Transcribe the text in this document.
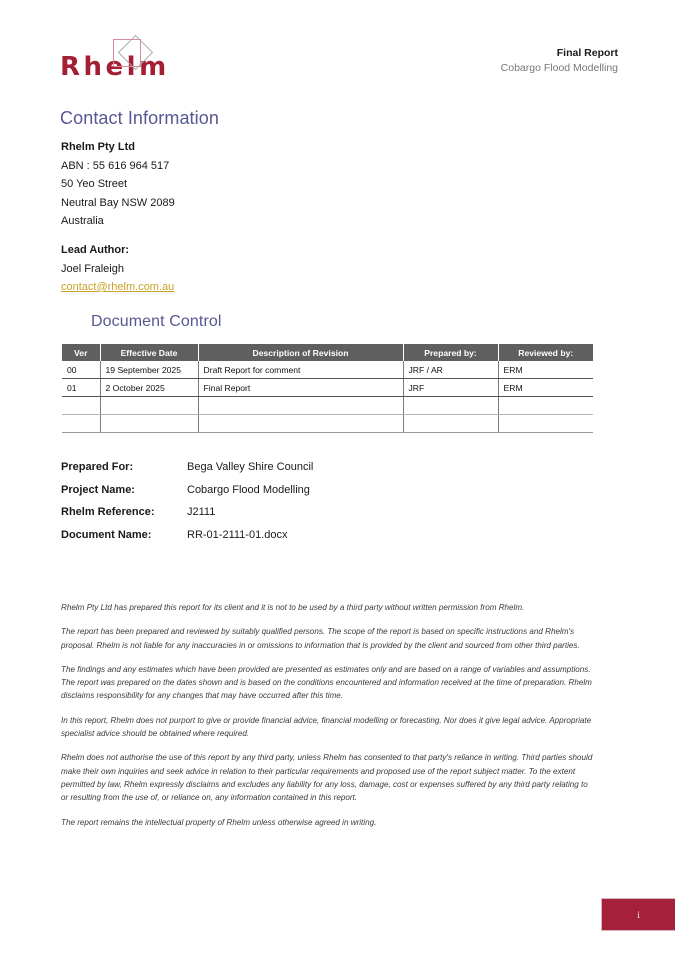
Rhelm	Final Report
Cobargo Flood Modelling
Contact Information
Rhelm Pty Ltd
ABN : 55 616 964 517
50 Yeo Street
Neutral Bay NSW 2089
Australia
Lead Author:
Joel Fraleigh
contact@rhelm.com.au
Document Control
Ver	Effective Date	Description of Revision	Prepared by:	Reviewed by:
00	19 September 2025	Draft Report for comment	JRF / AR	ERM
01	2 October 2025	Final Report	JRF	ERM

Prepared For:	Bega Valley Shire Council
Project Name:	Cobargo Flood Modelling
Rhelm Reference:	J2111
Document Name:	RR-01-2111-01.docx

Rhelm Pty Ltd has prepared this report for its client and it is not to be used by a third party without written permission from Rhelm.

The report has been prepared and reviewed by suitably qualified persons. The scope of the report is based on specific instructions and Rhelm's proposal. Rhelm is not liable for any inaccuracies in or omissions to information that is provided by the client and sourced from other third parties.

The findings and any estimates which have been provided are presented as estimates only and are based on a range of variables and assumptions. The report was prepared on the dates shown and is based on the conditions encountered and information received at the time of preparation. Rhelm disclaims responsibility for any changes that may have occurred after this time.

In this report, Rhelm does not purport to give or provide financial advice, financial modelling or forecasting. Nor does it give legal advice. Appropriate specialist advice should be obtained where required.

Rhelm does not authorise the use of this report by any third party, unless Rhelm has consented to that party's reliance in writing. Third parties should make their own inquiries and seek advice in relation to their particular requirements and proposed use of the report subject matter. To the extent permitted by law, Rhelm expressly disclaims and excludes any liability for any loss, damage, cost or expenses suffered by any third party relating to or resulting from the use of, or reliance on, any information contained in this report.

The report remains the intellectual property of Rhelm unless otherwise agreed in writing.

i
